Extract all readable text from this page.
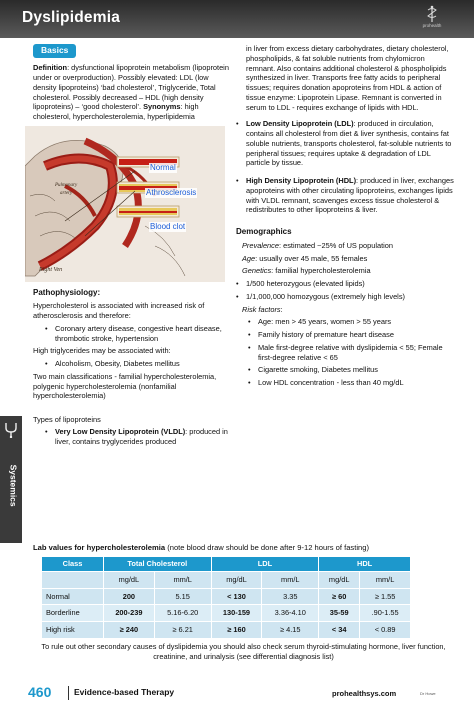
Dyslipidemia	prohealth
Systemics
Basics

Definition: dysfunctional lipoprotein metabolism (lipoprotein under or overproduction). Possibly elevated: LDL (low density lipoproteins) ‘bad cholesterol’, Triglyceride, Total cholesterol. Possibly decreased – HDL (high density lipoproteins) – ‘good cholesterol’. Synonyms: high cholesterol, hypercholesterolemia, hyperlipidemia

Pulmonary
artery
Normal
Athrosclerosis
Blood clot
Right Ven
Pathophysiology:

Hypercholesterol is associated with increased risk of atherosclerosis and therefore:

• Coronary artery disease, congestive heart disease, thrombotic stroke, hypertension

High triglycerides may be associated with:

• Alcoholism, Obesity, Diabetes mellitus

Two main classifications - familial hypercholesterolemia, polygenic hypercholesterolemia (nonfamilial hypercholesterolemia)

Types of lipoproteins

• Very Low Density Lipoprotein (VLDL): produced in liver, contains tryglycerides produced

in liver from excess dietary carbohydrates, dietary cholesterol, phospholipids, & fat soluble nutrients from chylomicron remnant. Also contains additional cholesterol & phospholipids synthesized in liver. Transports free fatty acids to peripheral tissues; requires donation apoproteins from HDL & action of tissue enzyme: Lipoprotein Lipase. Remnant is converted in serum to LDL - requires exchange of lipids with HDL.

• Low Density Lipoprotein (LDL): produced in circulation, contains all cholesterol from diet & liver synthesis, contains fat soluble nutrients, transports cholesterol, fat-soluble nutrients to peripheral tissues; requires uptake & degradation of LDL particle by tissue.
• High Density Lipoprotein (HDL): produced in liver, exchanges apoproteins with other circulating lipoproteins, exchanges lipids with VLDL remnant, scavenges excess tissue cholesterol & redistributes to other lipoproteins & liver.
Demographics

Prevalence: estimated ~25% of US population

Age: usually over 45 male, 55 females

Genetics: familial hypercholesterolemia

• 1/500 heterozygous (elevated lipids)
• 1/1,000,000 homozygous (extremely high levels)

Risk factors:

• Age: men > 45 years, women > 55 years
• Family history of premature heart disease
• Male first-degree relative with dyslipidemia < 55; Female first-degree relative < 65
• Cigarette smoking, Diabetes mellitus
• Low HDL concentration - less than 40 mg/dL

Lab values for hypercholesterolemia (note blood draw should be done after 9-12 hours of fasting)

Class	Total Cholesterol		LDL		HDL	
	mg/dL	mm/L	mg/dL	mm/L	mg/dL	mm/L
Normal	200	5.15	< 130	3.35	≥ 60	≥ 1.55
Borderline	200-239	5.16-6.20	130-159	3.36-4.10	35-59	.90-1.55
High risk	≥ 240	≥ 6.21	≥ 160	≥ 4.15	< 34	< 0.89

To rule out other secondary causes of dyslipidemia you should also check serum thyroid-stimulating hormone, liver function, creatinine, and urinalysis (see differential diagnosis list)

460	Evidence-based Therapy	prohealthsys.com	Dr Howe
